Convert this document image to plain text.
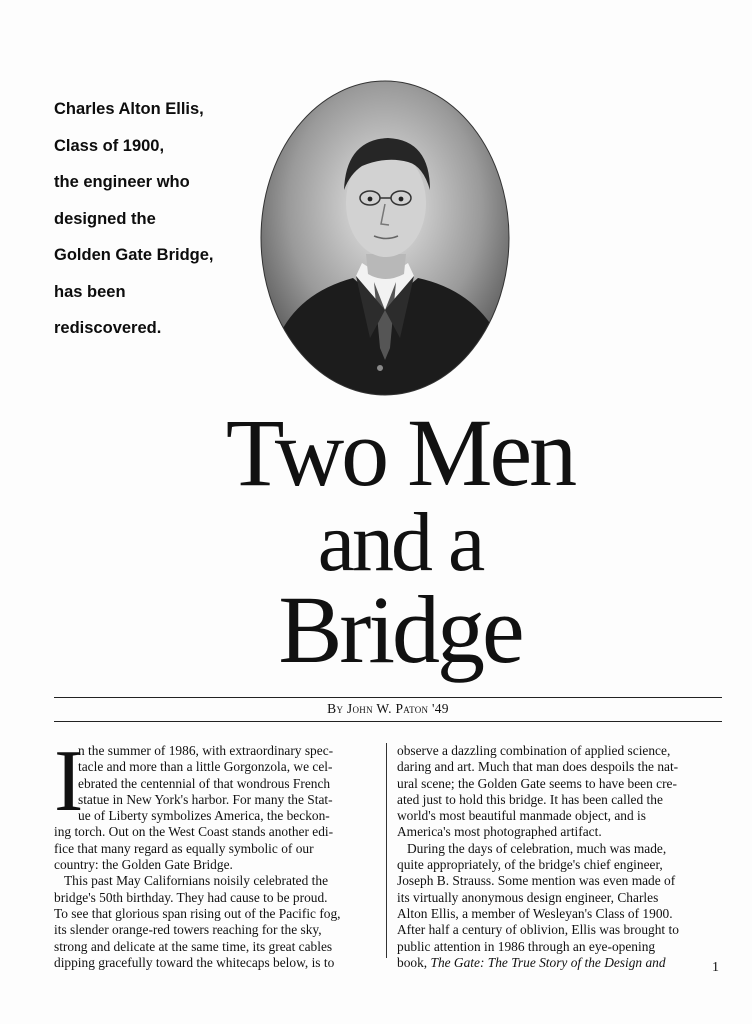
Charles Alton Ellis,
Class of 1900,
the engineer who
designed the
Golden Gate Bridge,
has been
rediscovered.
Two Men
and a
Bridge
By John W. Paton '49
I
n the summer of 1986, with extraordinary spec-
tacle and more than a little Gorgonzola, we cel-
ebrated the centennial of that wondrous French
statue in New York's harbor. For many the Stat-
ue of Liberty symbolizes America, the beckon-
ing torch. Out on the West Coast stands another edi-
fice that many regard as equally symbolic of our
country: the Golden Gate Bridge.
This past May Californians noisily celebrated the
bridge's 50th birthday. They had cause to be proud.
To see that glorious span rising out of the Pacific fog,
its slender orange-red towers reaching for the sky,
strong and delicate at the same time, its great cables
dipping gracefully toward the whitecaps below, is to
observe a dazzling combination of applied science,
daring and art. Much that man does despoils the nat-
ural scene; the Golden Gate seems to have been cre-
ated just to hold this bridge. It has been called the
world's most beautiful manmade object, and is
America's most photographed artifact.
During the days of celebration, much was made,
quite appropriately, of the bridge's chief engineer,
Joseph B. Strauss. Some mention was even made of
its virtually anonymous design engineer, Charles
Alton Ellis, a member of Wesleyan's Class of 1900.
After half a century of oblivion, Ellis was brought to
public attention in 1986 through an eye-opening
book, The Gate: The True Story of the Design and	1
